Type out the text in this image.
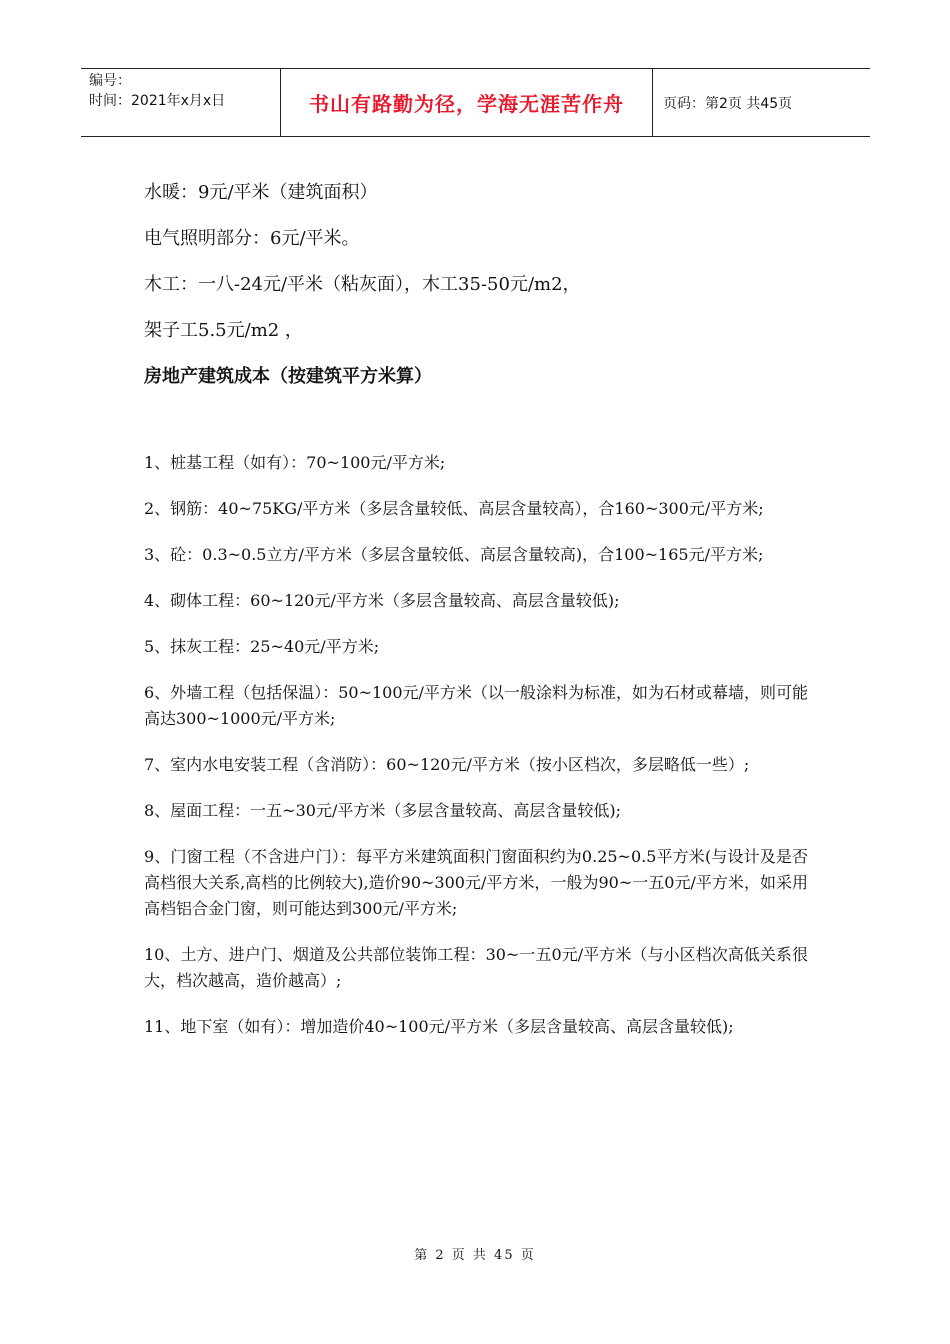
编号：
时间：2021年x月x日	书山有路勤为径，学海无涯苦作舟	页码：第2页 共45页

水暖：9元/平米（建筑面积）

电气照明部分：6元/平米。

木工：一八-24元/平米（粘灰面），木工35-50元/m2，

架子工5.5元/m2 ，

房地产建筑成本（按建筑平方米算）

1、桩基工程（如有）：70~100元/平方米;

2、钢筋：40~75KG/平方米（多层含量较低、高层含量较高），合160~300元/平方米;

3、砼：0.3~0.5立方/平方米（多层含量较低、高层含量较高)，合100~165元/平方米;

4、砌体工程：60~120元/平方米（多层含量较高、高层含量较低);

5、抹灰工程：25~40元/平方米;

6、外墙工程（包括保温）：50~100元/平方米（以一般涂料为标准，如为石材或幕墙，则可能高达300~1000元/平方米;

7、室内水电安装工程（含消防）：60~120元/平方米（按小区档次，多层略低一些）;

8、屋面工程：一五~30元/平方米（多层含量较高、高层含量较低);

9、门窗工程（不含进户门）：每平方米建筑面积门窗面积约为0.25~0.5平方米(与设计及是否高档很大关系,高档的比例较大),造价90~300元/平方米，一般为90~一五0元/平方米，如采用高档铝合金门窗，则可能达到300元/平方米;

10、土方、进户门、烟道及公共部位装饰工程：30~一五0元/平方米（与小区档次高低关系很大，档次越高，造价越高）;

11、地下室（如有）：增加造价40~100元/平方米（多层含量较高、高层含量较低);

第 2 页 共 45 页
